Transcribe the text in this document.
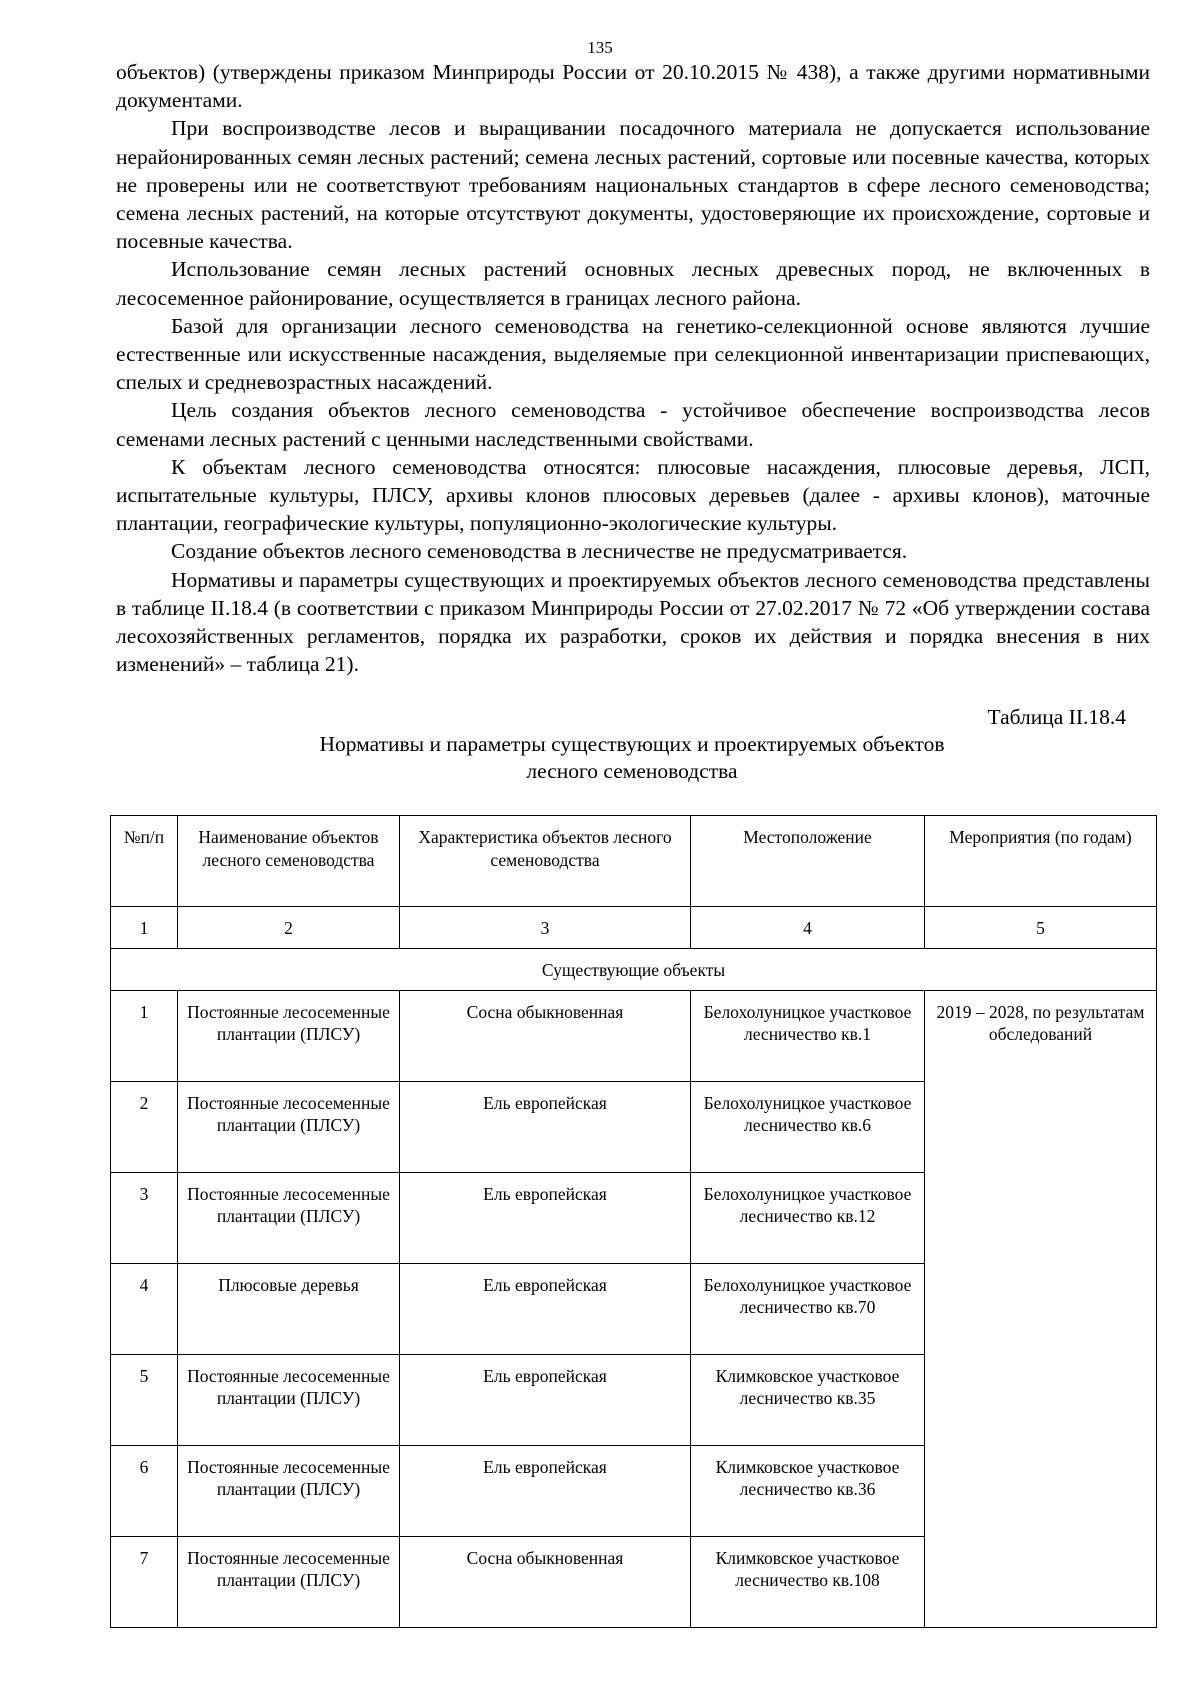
135

объектов) (утверждены приказом Минприроды России от 20.10.2015 № 438), а также другими нормативными документами.

При воспроизводстве лесов и выращивании посадочного материала не допускается использование нерайонированных семян лесных растений; семена лесных растений, сортовые или посевные качества, которых не проверены или не соответствуют требованиям национальных стандартов в сфере лесного семеноводства; семена лесных растений, на которые отсутствуют документы, удостоверяющие их происхождение, сортовые и посевные качества.

Использование семян лесных растений основных лесных древесных пород, не включенных в лесосеменное районирование, осуществляется в границах лесного района.

Базой для организации лесного семеноводства на генетико-селекционной основе являются лучшие естественные или искусственные насаждения, выделяемые при селекционной инвентаризации приспевающих, спелых и средневозрастных насаждений.

Цель создания объектов лесного семеноводства - устойчивое обеспечение воспроизводства лесов семенами лесных растений с ценными наследственными свойствами.

К объектам лесного семеноводства относятся: плюсовые насаждения, плюсовые деревья, ЛСП, испытательные культуры, ПЛСУ, архивы клонов плюсовых деревьев (далее - архивы клонов), маточные плантации, географические культуры, популяционно-экологические культуры.

Создание объектов лесного семеноводства в лесничестве не предусматривается.

Нормативы и параметры существующих и проектируемых объектов лесного семеноводства представлены в таблице II.18.4 (в соответствии с приказом Минприроды России от 27.02.2017 № 72 «Об утверждении состава лесохозяйственных регламентов, порядка их разработки, сроков их действия и порядка внесения в них изменений» – таблица 21).

Таблица II.18.4
Нормативы и параметры существующих и проектируемых объектов
лесного семеноводства
№п/п	Наименование объектов лесного семеноводства	Характеристика объектов лесного семеноводства	Местоположение	Мероприятия (по годам)
1	2	3	4	5
Существующие объекты				
1	Постоянные лесосеменные плантации (ПЛСУ)	Сосна обыкновенная	Белохолуницкое участковое лесничество кв.1	2019 – 2028, по результатам обследований
2	Постоянные лесосеменные плантации (ПЛСУ)	Ель европейская	Белохолуницкое участковое лесничество кв.6	
3	Постоянные лесосеменные плантации (ПЛСУ)	Ель европейская	Белохолуницкое участковое лесничество кв.12	
4	Плюсовые деревья	Ель европейская	Белохолуницкое участковое лесничество кв.70	
5	Постоянные лесосеменные плантации (ПЛСУ)	Ель европейская	Климковское участковое лесничество кв.35	
6	Постоянные лесосеменные плантации (ПЛСУ)	Ель европейская	Климковское участковое лесничество кв.36	
7	Постоянные лесосеменные плантации (ПЛСУ)	Сосна обыкновенная	Климковское участковое лесничество кв.108	
